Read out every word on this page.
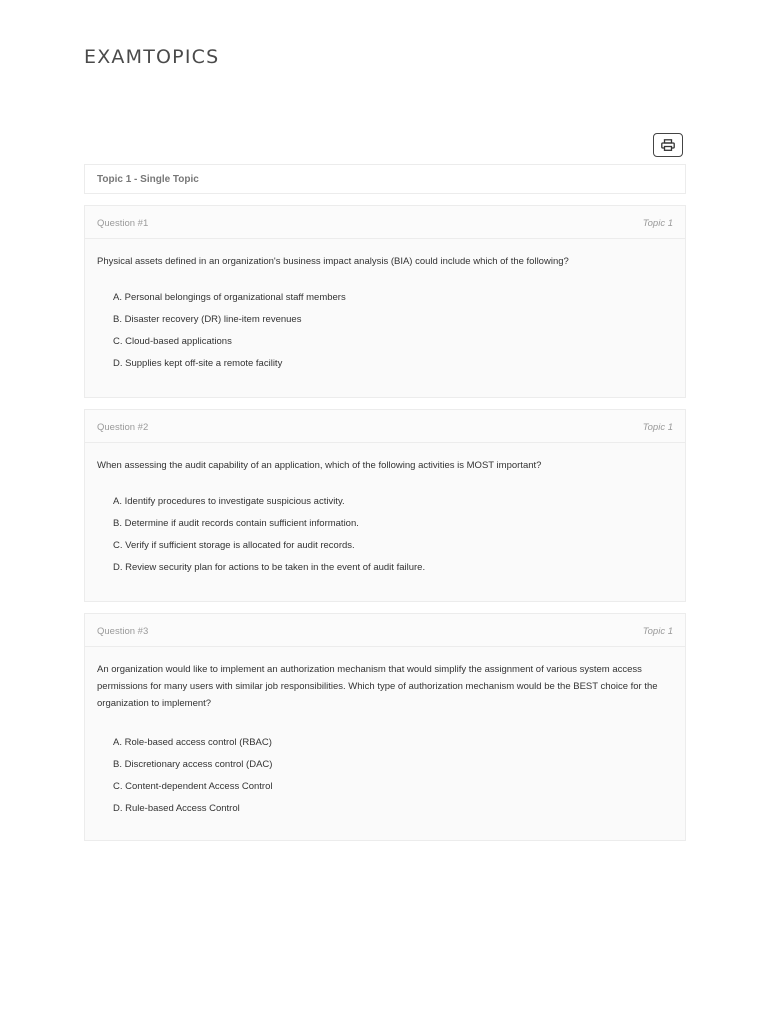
EXAMTOPICS
Topic 1 - Single Topic
Question #1	Topic 1
Physical assets defined in an organization's business impact analysis (BIA) could include which of the following?
A. Personal belongings of organizational staff members
B. Disaster recovery (DR) line-item revenues
C. Cloud-based applications
D. Supplies kept off-site a remote facility
Question #2	Topic 1
When assessing the audit capability of an application, which of the following activities is MOST important?
A. Identify procedures to investigate suspicious activity.
B. Determine if audit records contain sufficient information.
C. Verify if sufficient storage is allocated for audit records.
D. Review security plan for actions to be taken in the event of audit failure.
Question #3	Topic 1
An organization would like to implement an authorization mechanism that would simplify the assignment of various system access permissions for many users with similar job responsibilities. Which type of authorization mechanism would be the BEST choice for the organization to implement?
A. Role-based access control (RBAC)
B. Discretionary access control (DAC)
C. Content-dependent Access Control
D. Rule-based Access Control
